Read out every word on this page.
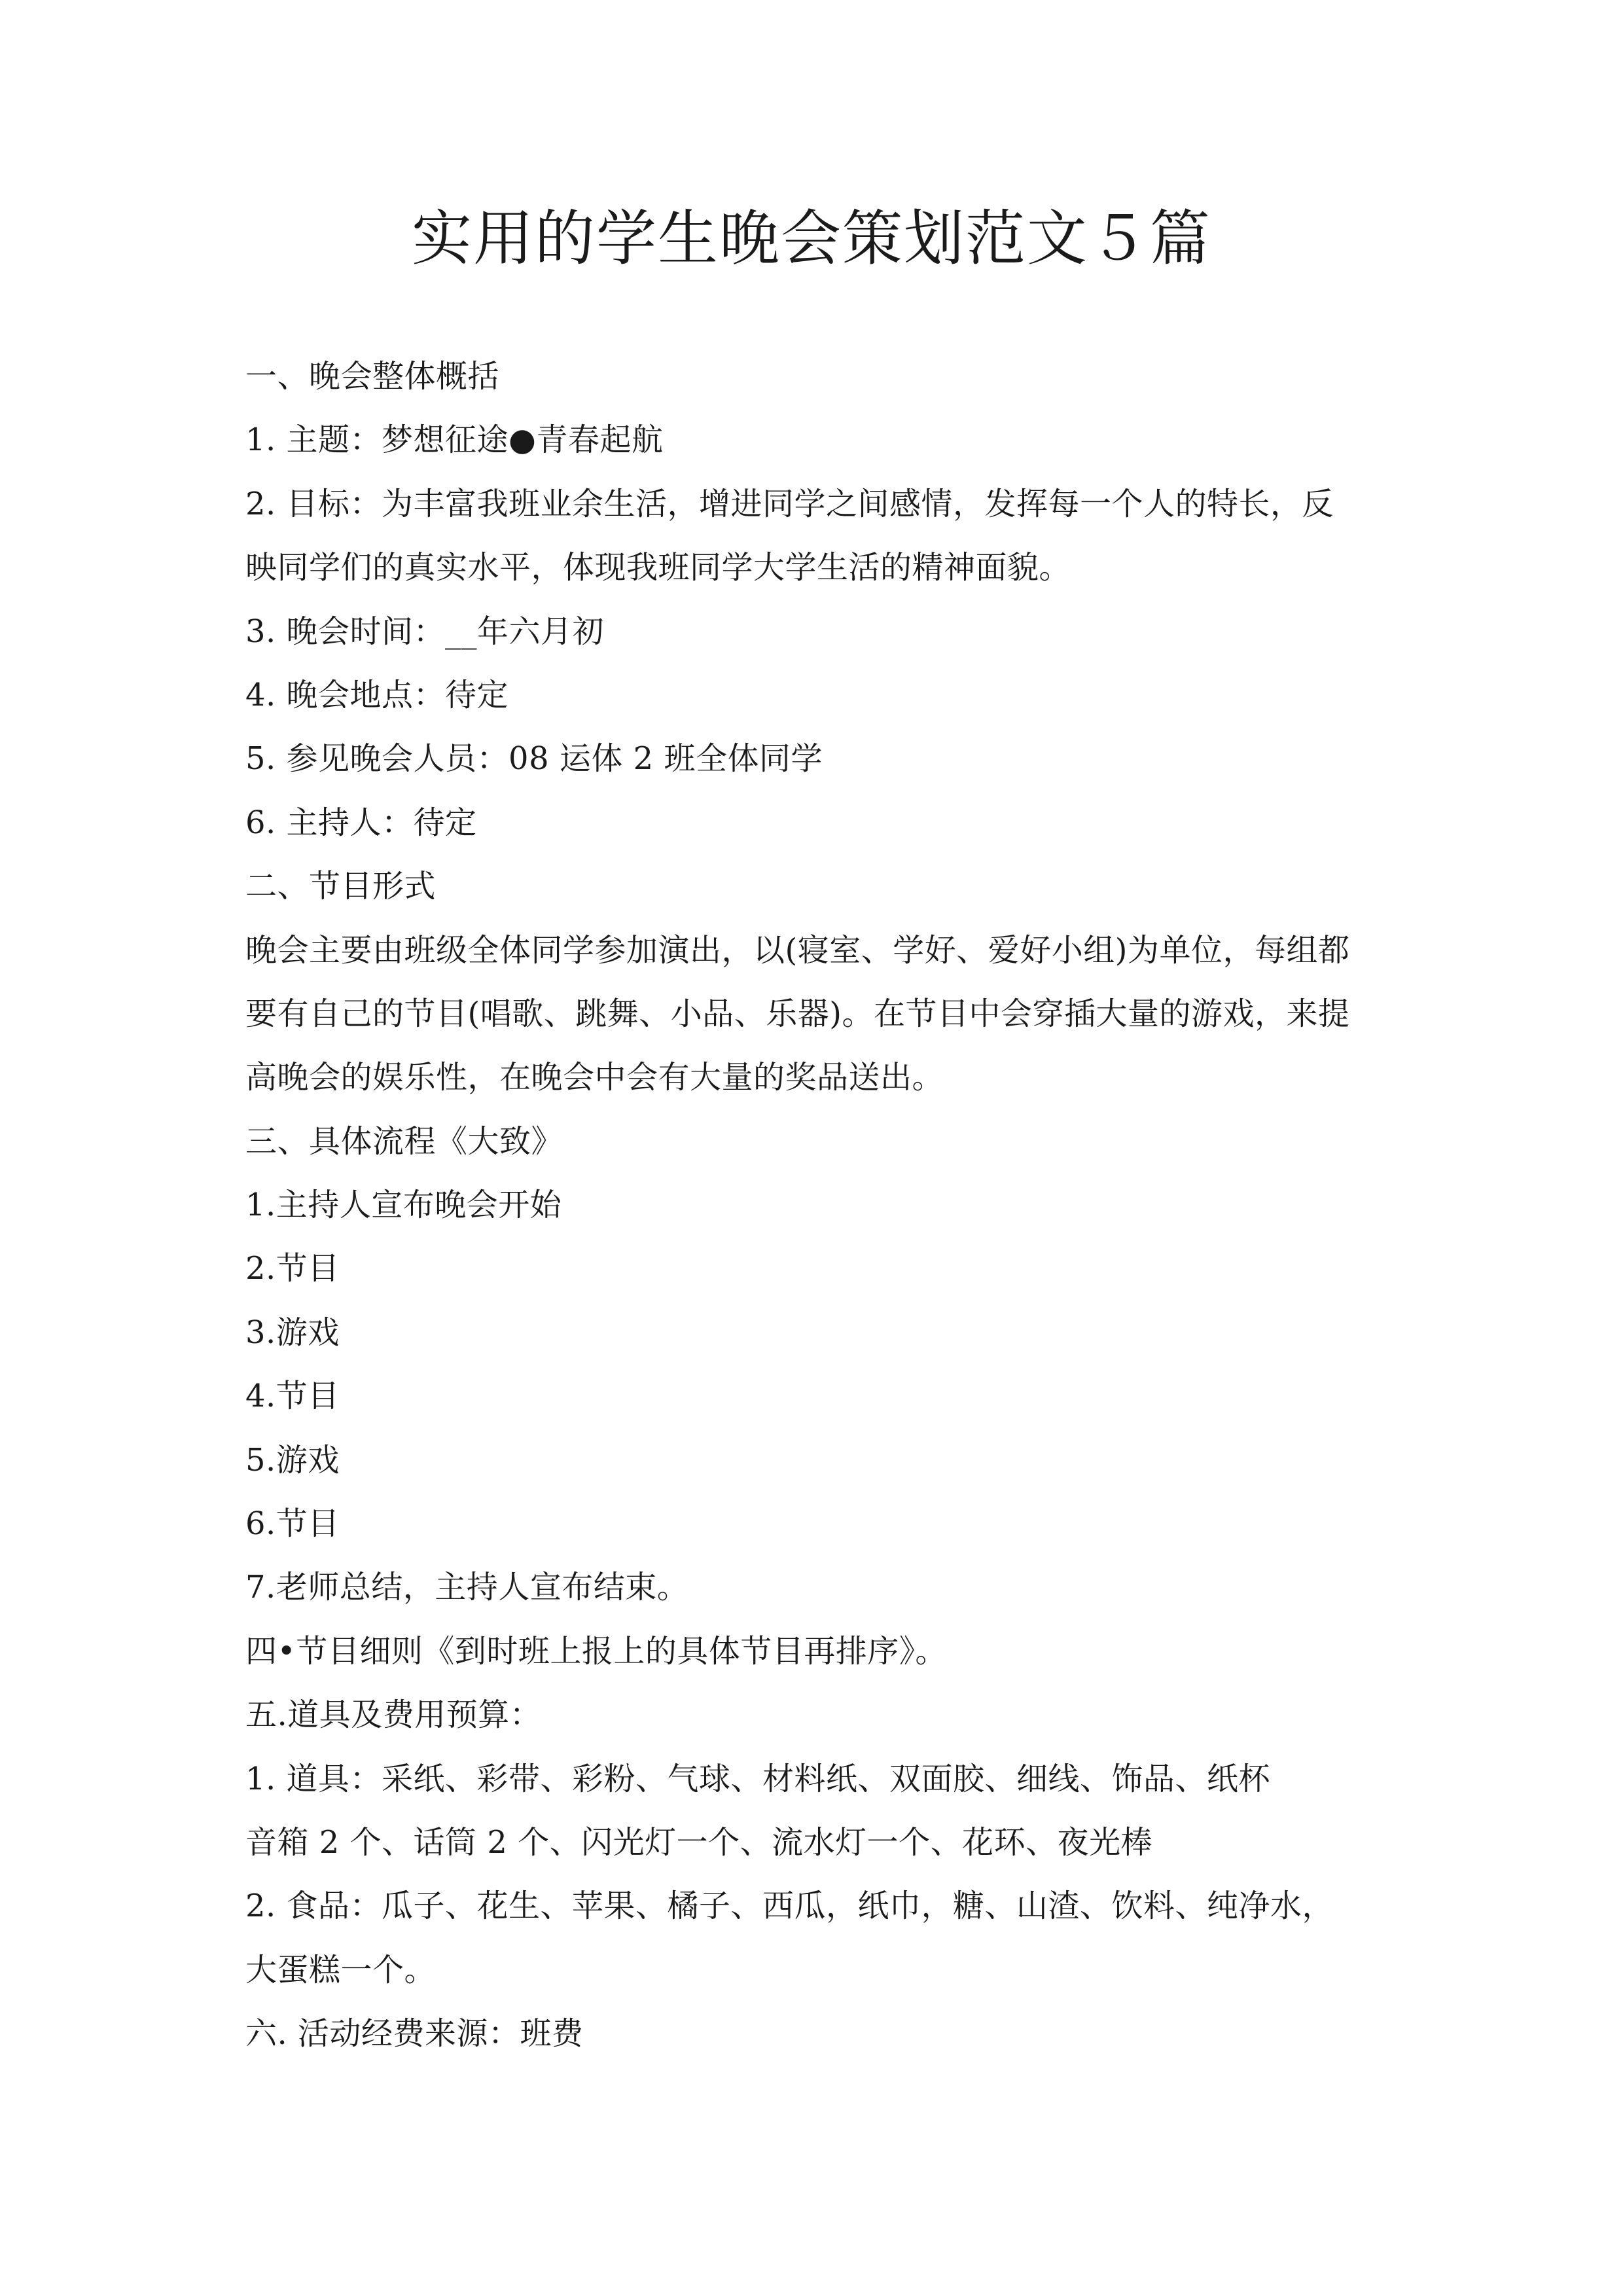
实用的学生晚会策划范文５篇

一、晚会整体概括

1. 主题：梦想征途●青春起航

2. 目标：为丰富我班业余生活，增进同学之间感情，发挥每一个人的特长，反

映同学们的真实水平，体现我班同学大学生活的精神面貌。

3. 晚会时间：__年六月初

4. 晚会地点：待定

5. 参见晚会人员：08 运体 2 班全体同学

6. 主持人：待定

二、节目形式

晚会主要由班级全体同学参加演出，以(寝室、学好、爱好小组)为单位，每组都

要有自己的节目(唱歌、跳舞、小品、乐器)。在节目中会穿插大量的游戏，来提

高晚会的娱乐性，在晚会中会有大量的奖品送出。

三、具体流程《大致》

1.主持人宣布晚会开始

2.节目

3.游戏

4.节目

5.游戏

6.节目

7.老师总结，主持人宣布结束。

四•节目细则《到时班上报上的具体节目再排序》。

五.道具及费用预算：

1. 道具：采纸、彩带、彩粉、气球、材料纸、双面胶、细线、饰品、纸杯

音箱 2 个、话筒 2 个、闪光灯一个、流水灯一个、花环、夜光棒

2. 食品：瓜子、花生、苹果、橘子、西瓜，纸巾，糖、山渣、饮料、纯净水，

大蛋糕一个。

六. 活动经费来源：班费
